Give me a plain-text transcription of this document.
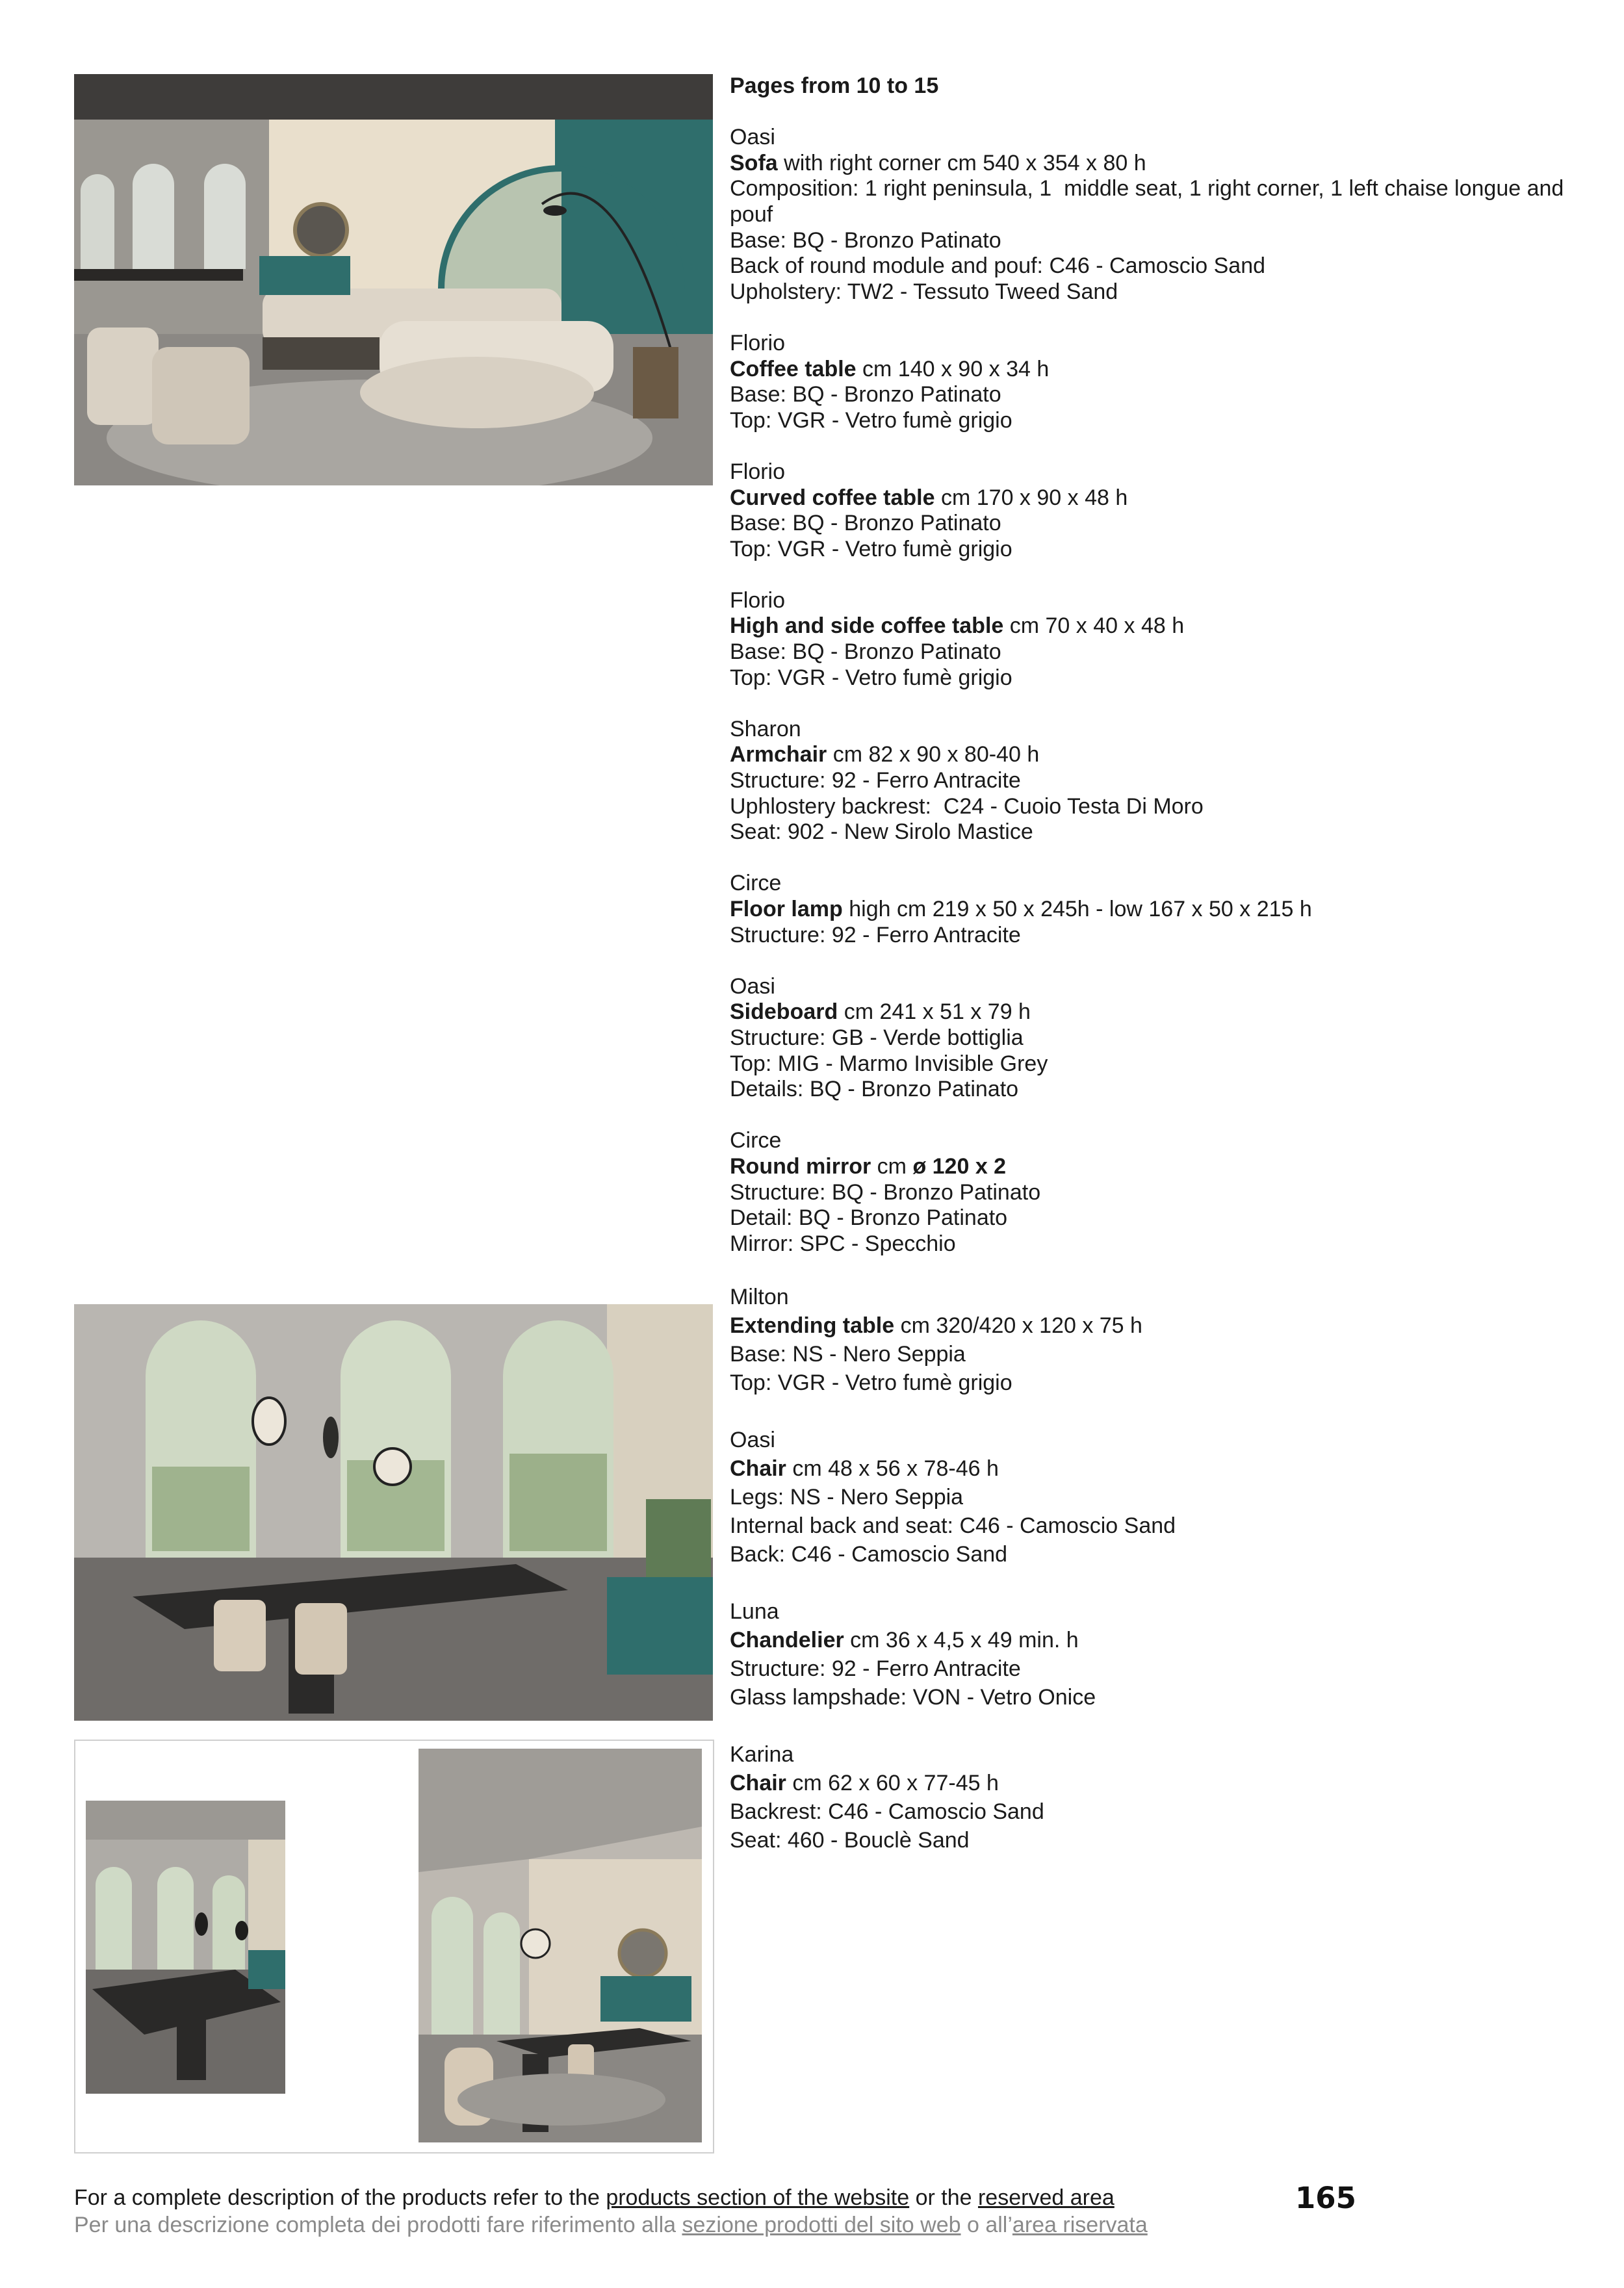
Pages from 10 to 15
Oasi
Sofa with right corner cm 540 x 354 x 80 h
Composition: 1 right peninsula, 1  middle seat, 1 right corner, 1 left chaise longue and pouf
Base: BQ - Bronzo Patinato
Back of round module and pouf: C46 - Camoscio Sand
Upholstery: TW2 - Tessuto Tweed Sand
Florio
Coffee table cm 140 x 90 x 34 h
Base: BQ - Bronzo Patinato
Top: VGR - Vetro fumè grigio
Florio
Curved coffee table cm 170 x 90 x 48 h
Base: BQ - Bronzo Patinato
Top: VGR - Vetro fumè grigio
Florio
High and side coffee table cm 70 x 40 x 48 h
Base: BQ - Bronzo Patinato
Top: VGR - Vetro fumè grigio
Sharon
Armchair cm 82 x 90 x 80-40 h
Structure: 92 - Ferro Antracite
Uphlostery backrest:  C24 - Cuoio Testa Di Moro
Seat: 902 - New Sirolo Mastice
Circe
Floor lamp high cm 219 x 50 x 245h - low 167 x 50 x 215 h
Structure: 92 - Ferro Antracite
Oasi
Sideboard cm 241 x 51 x 79 h
Structure: GB - Verde bottiglia
Top: MIG - Marmo Invisible Grey
Details: BQ - Bronzo Patinato
Circe
Round mirror cm ø 120 x 2
Structure: BQ - Bronzo Patinato
Detail: BQ - Bronzo Patinato
Mirror: SPC - Specchio
Milton
Extending table cm 320/420 x 120 x 75 h
Base: NS - Nero Seppia
Top: VGR - Vetro fumè grigio
Oasi
Chair cm 48 x 56 x 78-46 h
Legs: NS - Nero Seppia
Internal back and seat: C46 - Camoscio Sand
Back: C46 - Camoscio Sand
Luna
Chandelier cm 36 x 4,5 x 49 min. h
Structure: 92 - Ferro Antracite
Glass lampshade: VON - Vetro Onice
Karina
Chair cm 62 x 60 x 77-45 h
Backrest: C46 - Camoscio Sand
Seat: 460 - Bouclè Sand
For a complete description of the products refer to the products section of the website or the reserved area
Per una descrizione completa dei prodotti fare riferimento alla sezione prodotti del sito web o all’area riservata
165
